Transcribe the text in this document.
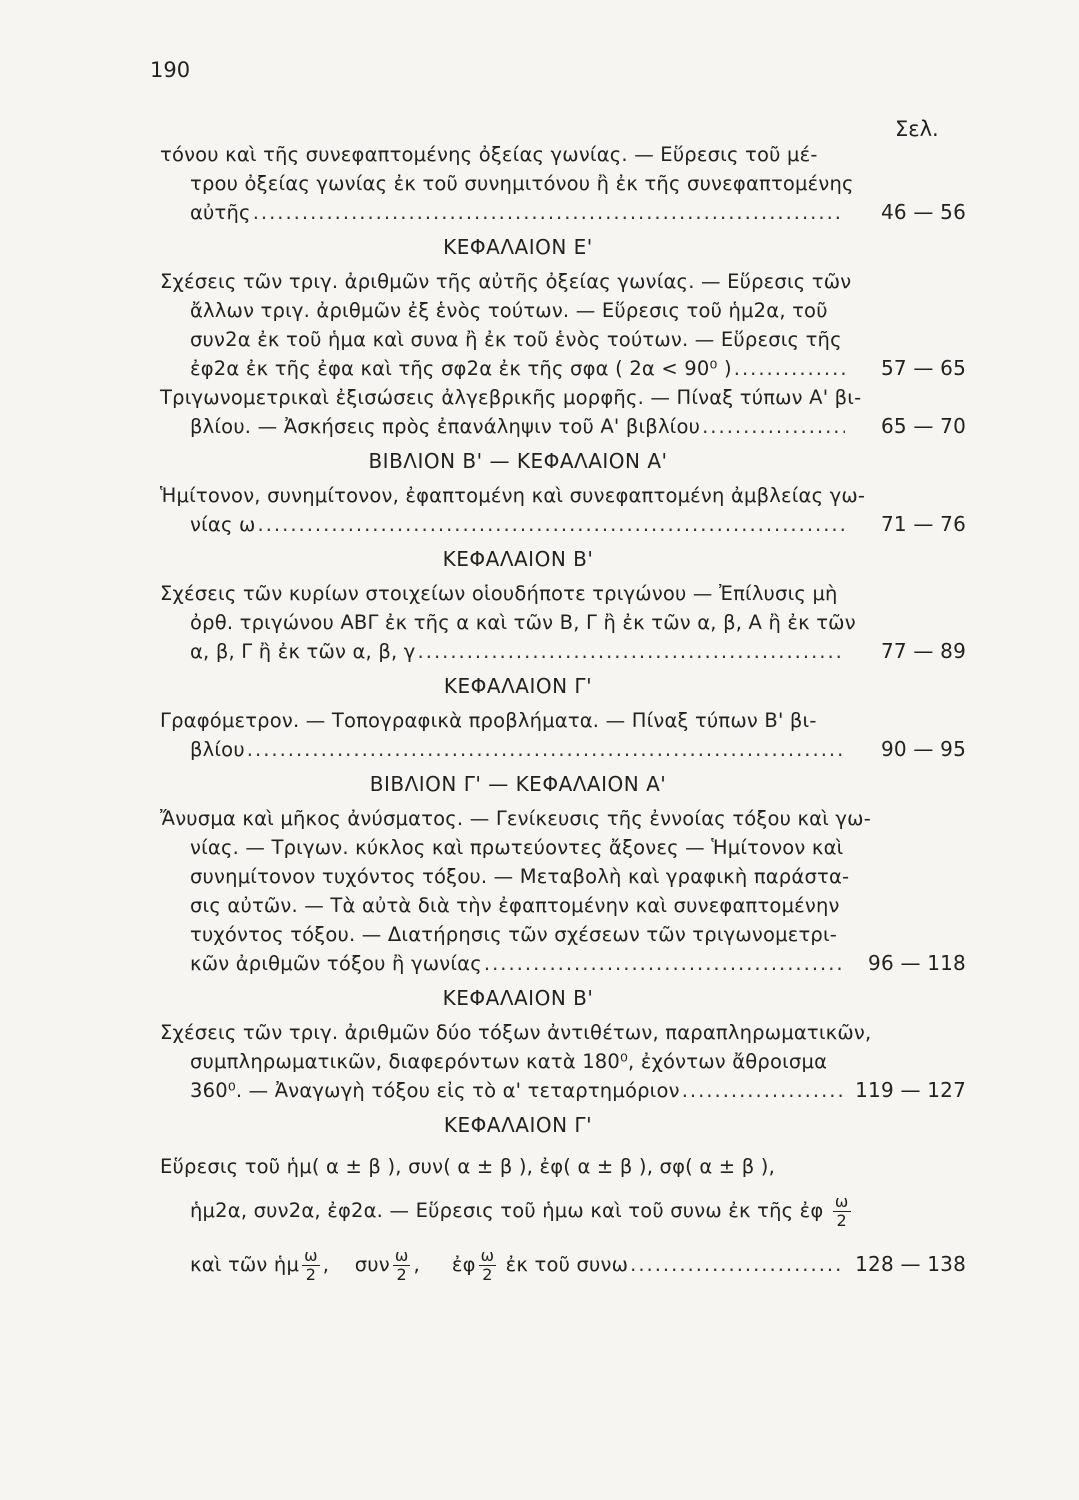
190
Σελ.
τόνου καὶ τῆς συνεφαπτομένης ὀξείας γωνίας. — Εὕρεσις τοῦ μέ-
τρου ὀξείας γωνίας ἐκ τοῦ συνημιτόνου ἢ ἐκ τῆς συνεφαπτομένης
αὐτῆς .....	46 — 56
ΚΕΦΑΛΑΙΟΝ Ε'
Σχέσεις τῶν τριγ. ἀριθμῶν τῆς αὐτῆς ὀξείας γωνίας. — Εὕρεσις τῶν
ἄλλων τριγ. ἀριθμῶν ἐξ ἑνὸς τούτων. — Εὕρεσις τοῦ ἡμ2α, τοῦ
συν2α ἐκ τοῦ ἡμα καὶ συνα ἢ ἐκ τοῦ ἑνὸς τούτων. — Εὕρεσις τῆς
ἐφ2α ἐκ τῆς ἐφα καὶ τῆς σφ2α ἐκ τῆς σφα ( 2α < 90⁰ ) .....	57 — 65
Τριγωνομετρικαὶ ἐξισώσεις ἀλγεβρικῆς μορφῆς. — Πίναξ τύπων Α' βι-
βλίου. — Ἀσκήσεις πρὸς ἐπανάληψιν τοῦ Α' βιβλίου .....	65 — 70
ΒΙΒΛΙΟΝ Β' — ΚΕΦΑΛΑΙΟΝ Α'
Ἡμίτονον, συνημίτονον, ἐφαπτομένη καὶ συνεφαπτομένη ἀμβλείας γω-
νίας ω .....	71 — 76
ΚΕΦΑΛΑΙΟΝ Β'
Σχέσεις τῶν κυρίων στοιχείων οἱουδήποτε τριγώνου — Ἐπίλυσις μὴ
ὀρθ. τριγώνου ΑΒΓ ἐκ τῆς α καὶ τῶν Β, Γ ἢ ἐκ τῶν α, β, Α ἢ ἐκ τῶν
α, β, Γ ἢ ἐκ τῶν α, β, γ .....	77 — 89
ΚΕΦΑΛΑΙΟΝ Γ'
Γραφόμετρον. — Τοπογραφικὰ προβλήματα. — Πίναξ τύπων Β' βι-
βλίου .....	90 — 95
ΒΙΒΛΙΟΝ Γ' — ΚΕΦΑΛΑΙΟΝ Α'
Ἄνυσμα καὶ μῆκος ἀνύσματος. — Γενίκευσις τῆς ἐννοίας τόξου καὶ γω-
νίας. — Τριγων. κύκλος καὶ πρωτεύοντες ἄξονες — Ἡμίτονον καὶ
συνημίτονον τυχόντος τόξου. — Μεταβολὴ καὶ γραφικὴ παράστα-
σις αὐτῶν. — Τὰ αὐτὰ διὰ τὴν ἐφαπτομένην καὶ συνεφαπτομένην
τυχόντος τόξου. — Διατήρησις τῶν σχέσεων τῶν τριγωνομετρι-
κῶν ἀριθμῶν τόξου ἢ γωνίας .....	96 — 118
ΚΕΦΑΛΑΙΟΝ Β'
Σχέσεις τῶν τριγ. ἀριθμῶν δύο τόξων ἀντιθέτων, παραπληρωματικῶν,
συμπληρωματικῶν, διαφερόντων κατὰ 180⁰, ἐχόντων ἄθροισμα
360⁰. — Ἀναγωγὴ τόξου εἰς τὸ α' τεταρτημόριον .....	119 — 127
ΚΕΦΑΛΑΙΟΝ Γ'
Εὕρεσις τοῦ ἡμ( α ± β ), συν( α ± β ), ἐφ( α ± β ), σφ( α ± β ),
ἡμ2α, συν2α, ἐφ2α. — Εὕρεσις τοῦ ἡμω καὶ τοῦ συνω ἐκ τῆς ἐφ $\frac{\omega}{2}$
καὶ τῶν ἡμ $\frac{\omega}{2}$ ,    συν $\frac{\omega}{2}$ ,     ἐφ $\frac{\omega}{2}$ ἐκ τοῦ συνω .....	128 — 138
